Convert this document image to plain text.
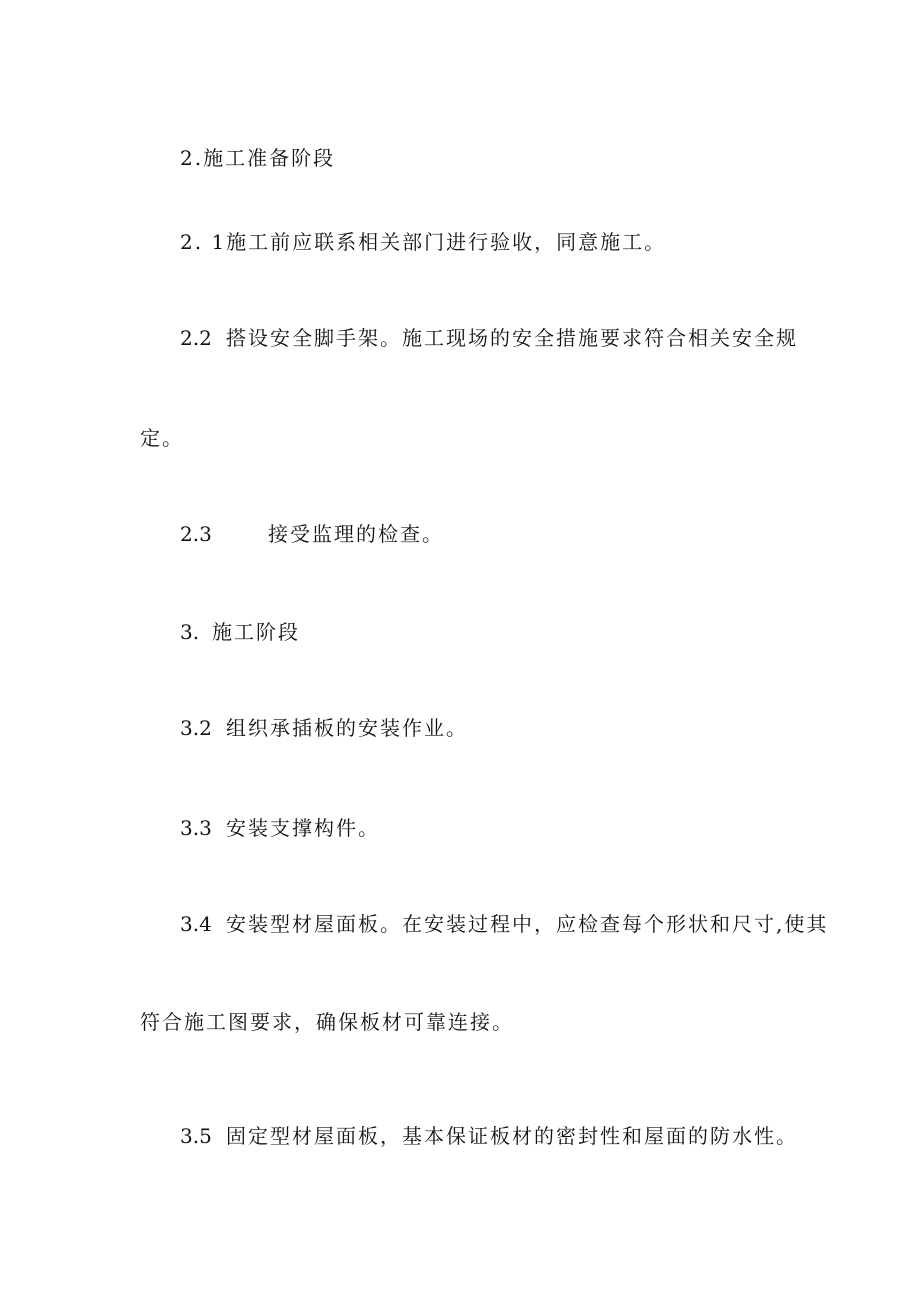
2.施工准备阶段
2. 1施工前应联系相关部门进行验收，同意施工。
2.2 搭设安全脚手架。施工现场的安全措施要求符合相关安全规
定。
2.3	接受监理的检查。
3. 施工阶段
3.2 组织承插板的安装作业。
3.3 安装支撑构件。
3.4 安装型材屋面板。在安装过程中，应检查每个形状和尺寸,使其
符合施工图要求，确保板材可靠连接。
3.5 固定型材屋面板，基本保证板材的密封性和屋面的防水性。
